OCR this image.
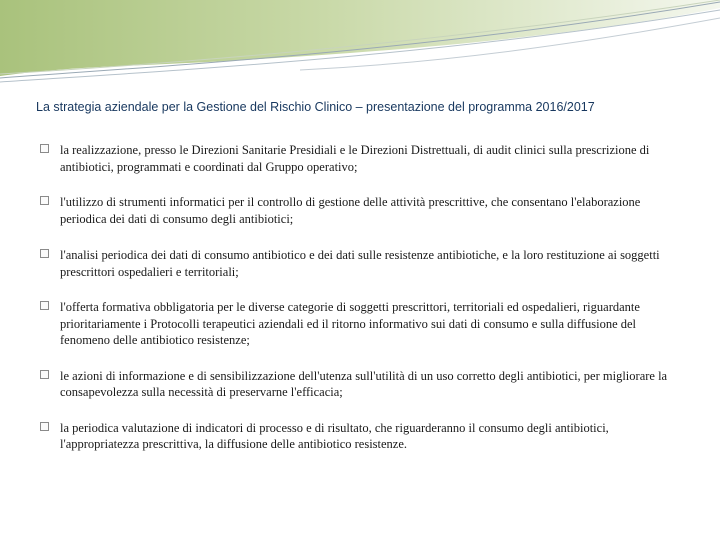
La strategia aziendale per la Gestione del Rischio Clinico – presentazione del programma 2016/2017
la realizzazione, presso le Direzioni Sanitarie Presidiali e le Direzioni Distrettuali, di audit clinici sulla prescrizione di antibiotici, programmati e coordinati dal Gruppo operativo;
l'utilizzo di strumenti informatici per il controllo di gestione delle attività prescrittive, che consentano l'elaborazione periodica dei dati di consumo degli antibiotici;
l'analisi periodica dei dati di consumo antibiotico e dei dati sulle resistenze antibiotiche, e la loro restituzione ai soggetti prescrittori ospedalieri e territoriali;
l'offerta formativa obbligatoria per le diverse categorie di soggetti prescrittori, territoriali ed ospedalieri, riguardante prioritariamente i Protocolli terapeutici aziendali ed il ritorno informativo sui dati di consumo e sulla diffusione del fenomeno delle antibiotico resistenze;
le azioni di informazione e di sensibilizzazione dell'utenza sull'utilità di un uso corretto degli antibiotici, per migliorare la consapevolezza sulla necessità di preservarne l'efficacia;
la periodica valutazione di indicatori di processo e di risultato, che riguarderanno il consumo degli antibiotici, l'appropriatezza prescrittiva, la diffusione delle antibiotico resistenze.
